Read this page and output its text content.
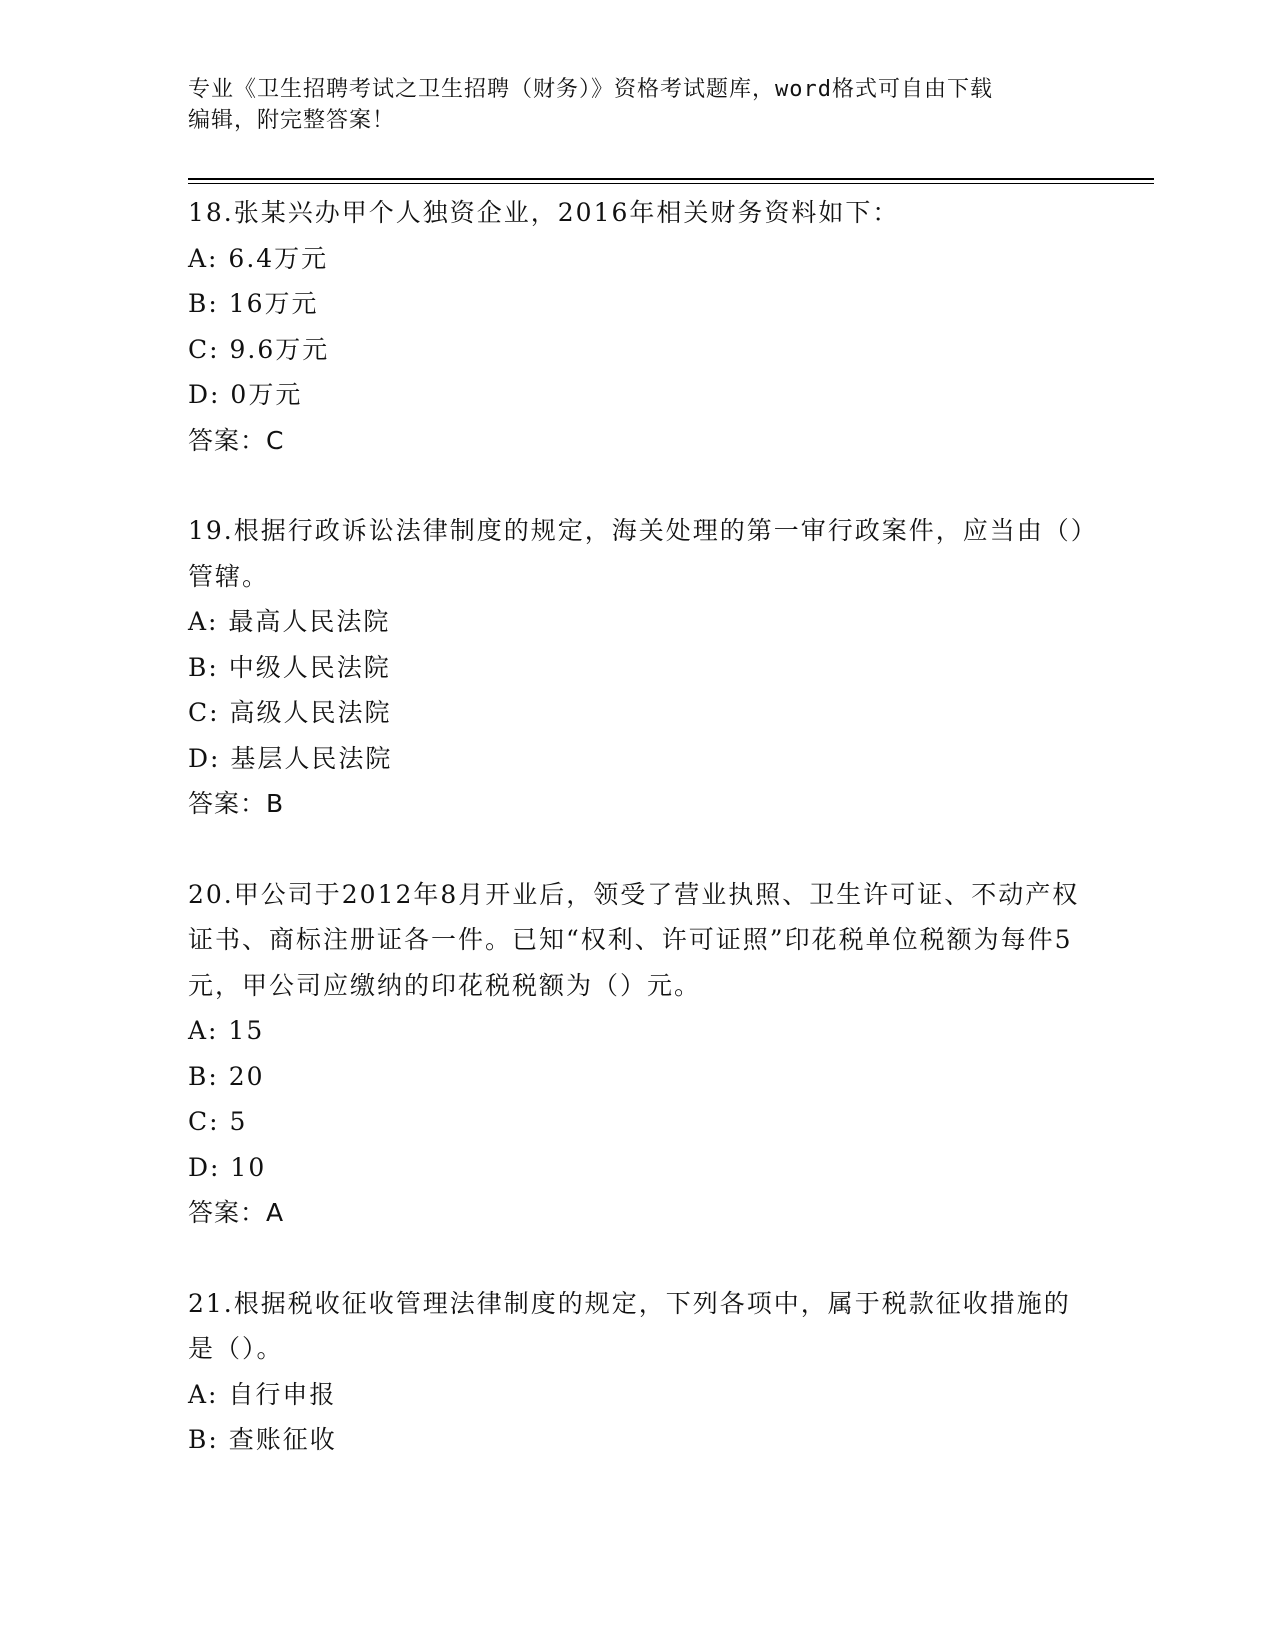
专业《卫生招聘考试之卫生招聘（财务）》资格考试题库，word格式可自由下载
编辑，附完整答案！

18.张某兴办甲个人独资企业，2016年相关财务资料如下：

A: 6.4万元

B: 16万元

C: 9.6万元

D: 0万元

答案：C

19.根据行政诉讼法律制度的规定，海关处理的第一审行政案件，应当由（）管辖。

A: 最高人民法院

B: 中级人民法院

C: 高级人民法院

D: 基层人民法院

答案：B

20.甲公司于2012年8月开业后，领受了营业执照、卫生许可证、不动产权证书、商标注册证各一件。已知“权利、许可证照”印花税单位税额为每件5元，甲公司应缴纳的印花税税额为（）元。

A: 15

B: 20

C: 5

D: 10

答案：A

21.根据税收征收管理法律制度的规定，下列各项中，属于税款征收措施的是（）。

A: 自行申报

B: 查账征收
